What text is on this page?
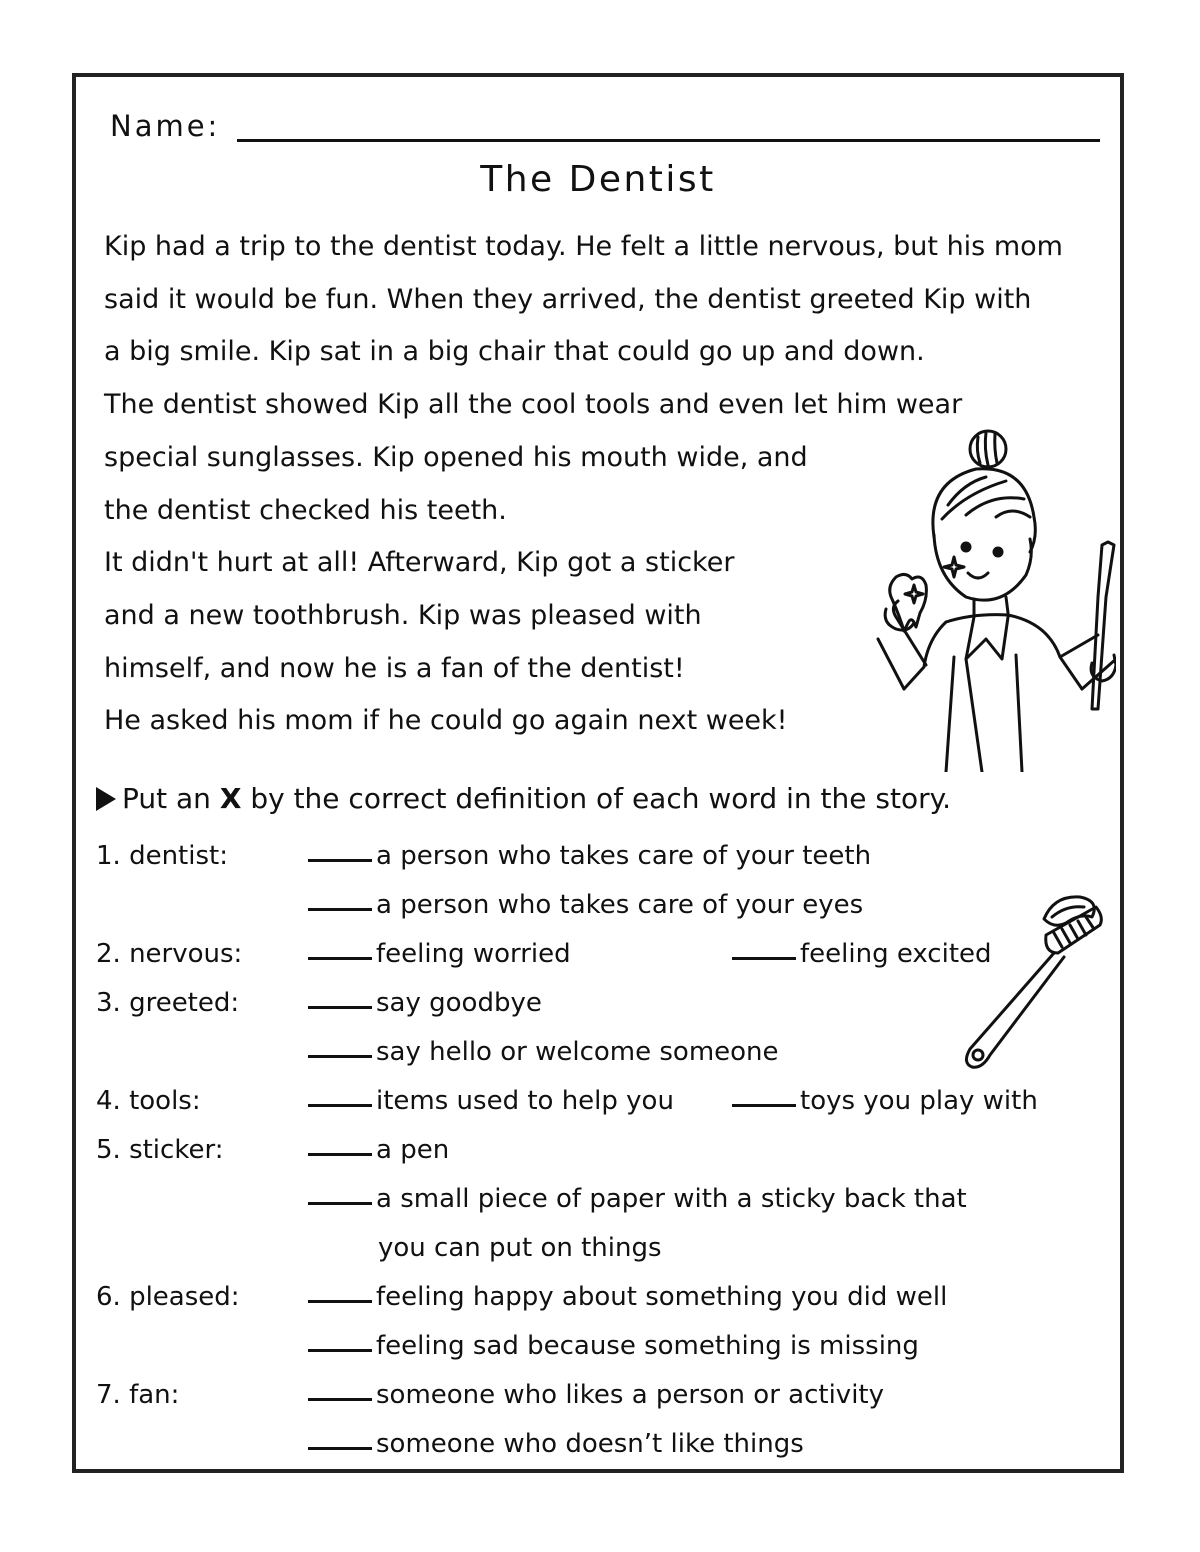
Name:
The Dentist
Kip had a trip to the dentist today. He felt a little nervous, but his mom
said it would be fun. When they arrived, the dentist greeted Kip with
a big smile. Kip sat in a big chair that could go up and down.
The dentist showed Kip all the cool tools and even let him wear
special sunglasses. Kip opened his mouth wide, and
the dentist checked his teeth.
It didn't hurt at all! Afterward, Kip got a sticker
and a new toothbrush. Kip was pleased with
himself, and now he is a fan of the dentist!
He asked his mom if he could go again next week!
Put an X by the correct definition of each word in the story.
1. dentist:	a person who takes care of your teeth
a person who takes care of your eyes
2. nervous:	feeling worried	feeling excited
3. greeted:	say goodbye
say hello or welcome someone
4. tools:	items used to help you	toys you play with
5. sticker:	a pen
a small piece of paper with a sticky back that
you can put on things
6. pleased:	feeling happy about something you did well
feeling sad because something is missing
7. fan:	someone who likes a person or activity
someone who doesn’t like things
